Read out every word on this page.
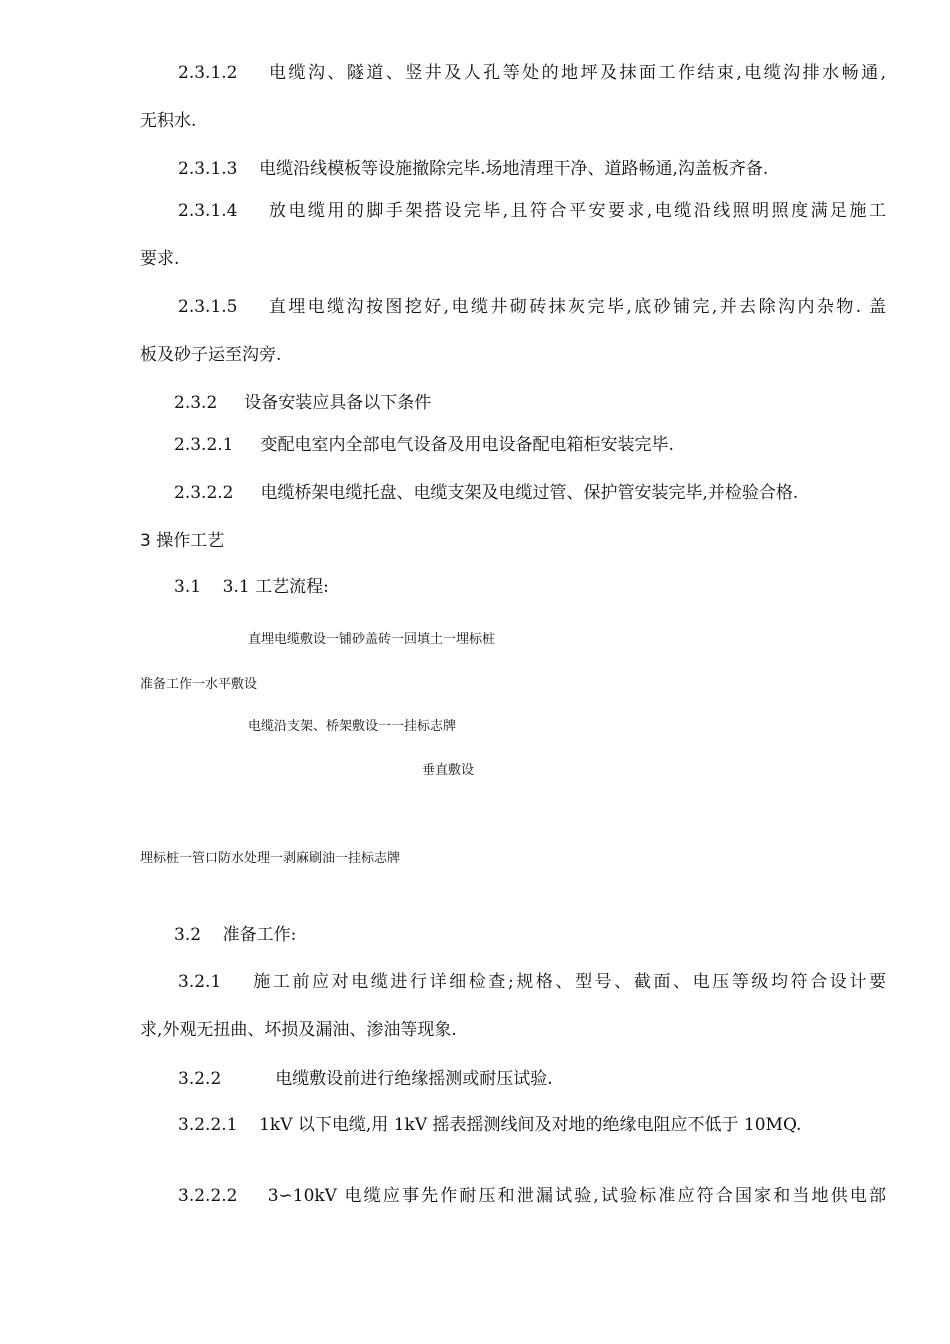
2.3.1.2 电缆沟、隧道、竖井及人孔等处的地坪及抹面工作结束,电缆沟排水畅通,
无积水.
2.3.1.3 电缆沿线模板等设施撤除完毕.场地清理干净、道路畅通,沟盖板齐备.
2.3.1.4 放电缆用的脚手架搭设完毕,且符合平安要求,电缆沿线照明照度满足施工
要求.
2.3.1.5 直埋电缆沟按图挖好,电缆井砌砖抹灰完毕,底砂铺完,并去除沟内杂物. 盖
板及砂子运至沟旁.
2.3.2 设备安装应具备以下条件
2.3.2.1 变配电室内全部电气设备及用电设备配电箱柜安装完毕.
2.3.2.2 电缆桥架电缆托盘、电缆支架及电缆过管、保护管安装完毕,并检验合格.
3 操作工艺
3.1 3.1 工艺流程:
直埋电缆敷设一铺砂盖砖一回填土一埋标桩
准备工作一水平敷设
电缆沿支架、桥架敷设一一挂标志牌
垂直敷设
埋标桩一管口防水处理一剥麻刷油一挂标志牌
3.2 准备工作:
3.2.1 施工前应对电缆进行详细检查;规格、型号、截面、电压等级均符合设计要
求,外观无扭曲、坏损及漏油、渗油等现象.
3.2.2	电缆敷设前进行绝缘摇测或耐压试验.
3.2.2.1 1kV 以下电缆,用 1kV 摇表摇测线间及对地的绝缘电阻应不低于 10MQ.
3.2.2.2 3∽10kV 电缆应事先作耐压和泄漏试验,试验标准应符合国家和当地供电部
